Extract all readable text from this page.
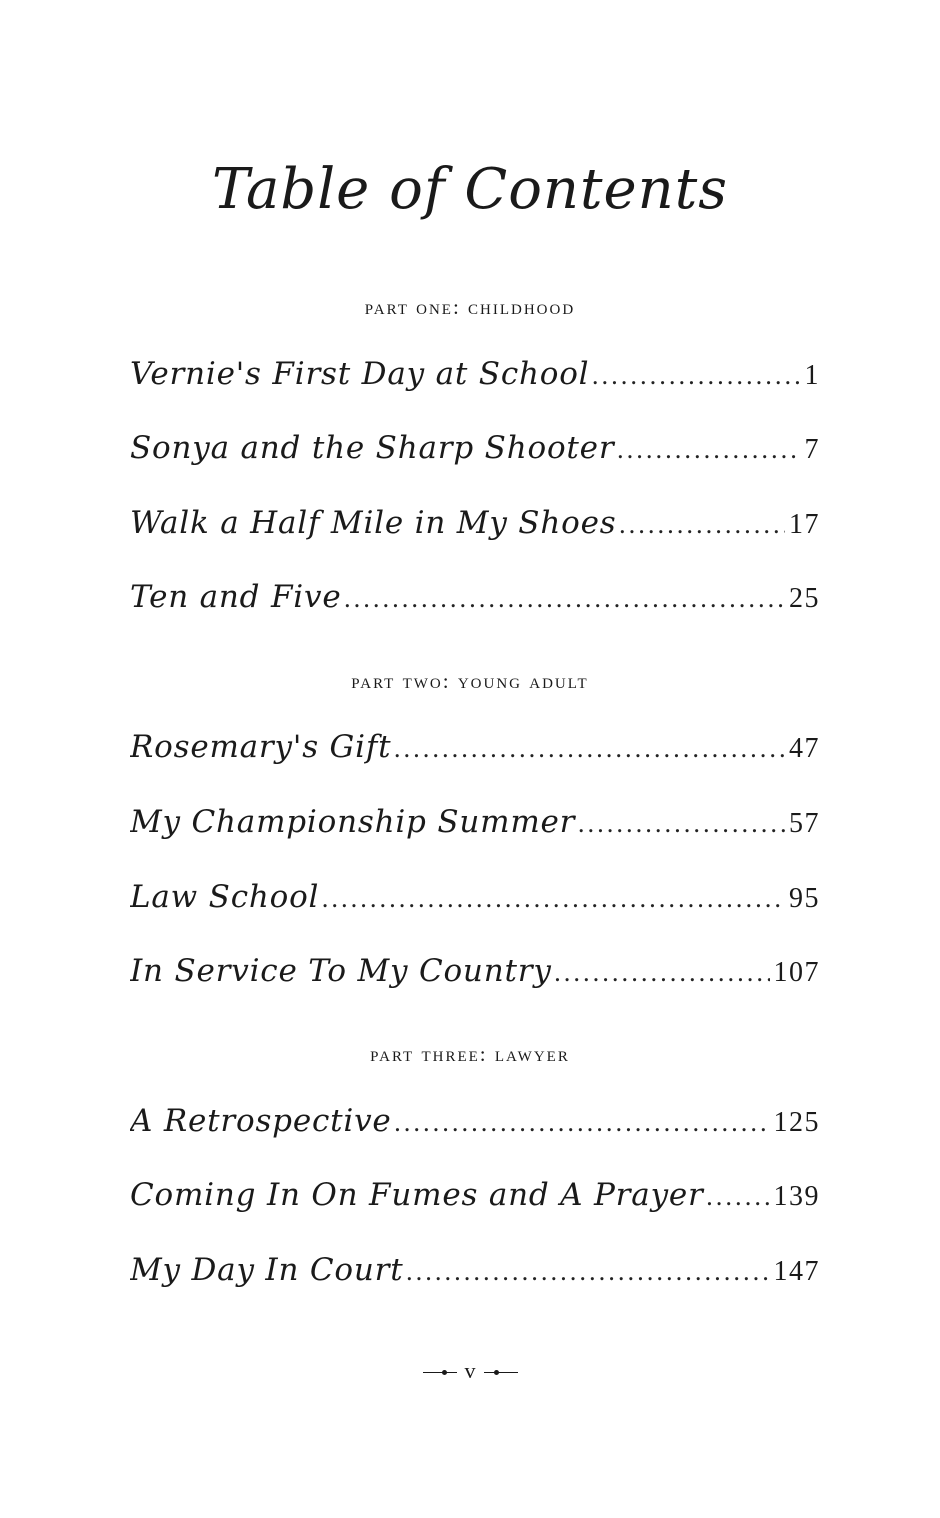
Table of Contents
part one: childhood
Vernie's First Day at School .....	1
Sonya and the Sharp Shooter .....	7
Walk a Half Mile in My Shoes .....	17
Ten and Five .....	25
part two: young adult
Rosemary's Gift .....	47
My Championship Summer .....	57
Law School .....	95
In Service To My Country .....	107
part three: lawyer
A Retrospective .....	125
Coming In On Fumes and A Prayer ..... 139
My Day In Court .....	147
v
